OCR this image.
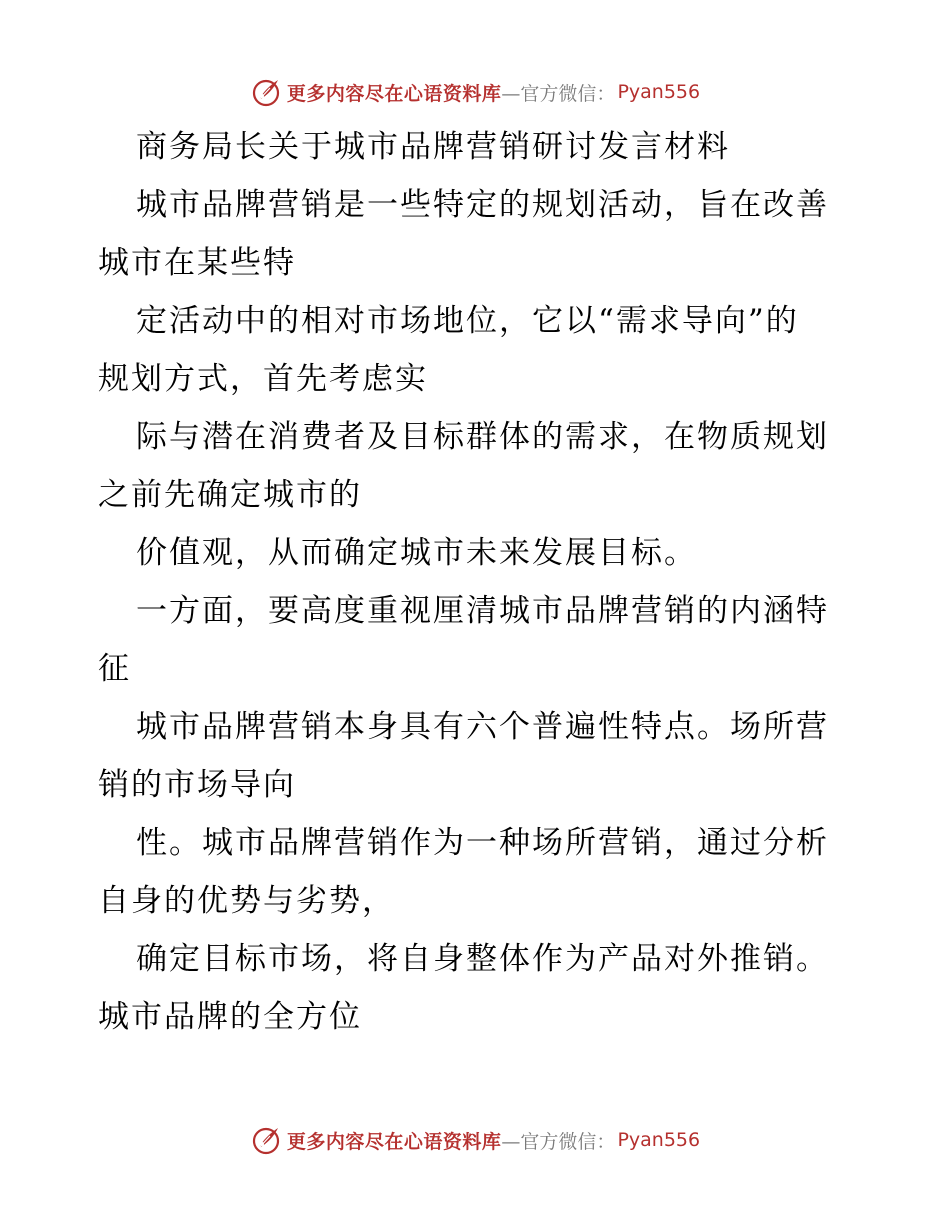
更多内容尽在心语资料库 —官方微信： Pyan556

商务局长关于城市品牌营销研讨发言材料

城市品牌营销是一些特定的规划活动，旨在改善
城市在某些特

定活动中的相对市场地位，它以“需求导向”的
规划方式，首先考虑实

际与潜在消费者及目标群体的需求，在物质规划
之前先确定城市的

价值观，从而确定城市未来发展目标。

一方面，要高度重视厘清城市品牌营销的内涵特
征

城市品牌营销本身具有六个普遍性特点。场所营
销的市场导向

性。城市品牌营销作为一种场所营销，通过分析
自身的优势与劣势，

确定目标市场，将自身整体作为产品对外推销。
城市品牌的全方位

更多内容尽在心语资料库 —官方微信： Pyan556
